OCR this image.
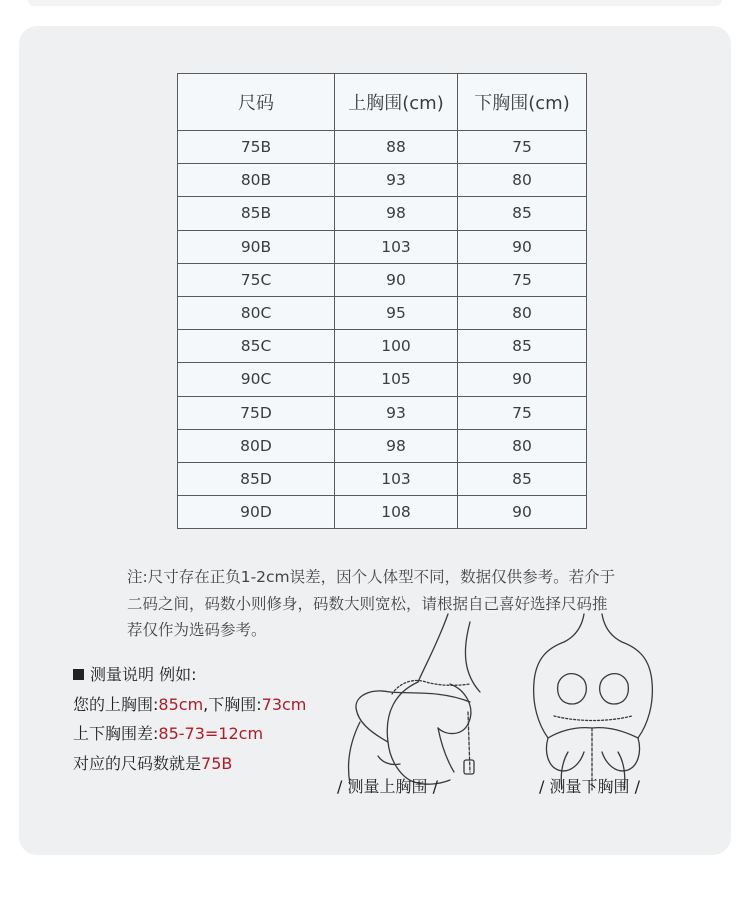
尺码	上胸围(cm)	下胸围(cm)
75B	88	75
80B	93	80
85B	98	85
90B	103	90
75C	90	75
80C	95	80
85C	100	85
90C	105	90
75D	93	75
80D	98	80
85D	103	85
90D	108	90
注:尺寸存在正负1-2cm误差，因个人体型不同，数据仅供参考。若介于
二码之间，码数小则修身，码数大则宽松，请根据自己喜好选择尺码推
荐仅作为选码参考。
测量说明 例如:
您的上胸围:85cm,下胸围:73cm
上下胸围差:85-73=12cm
对应的尺码数就是75B
/ 测量上胸围 /	/ 测量下胸围 /
